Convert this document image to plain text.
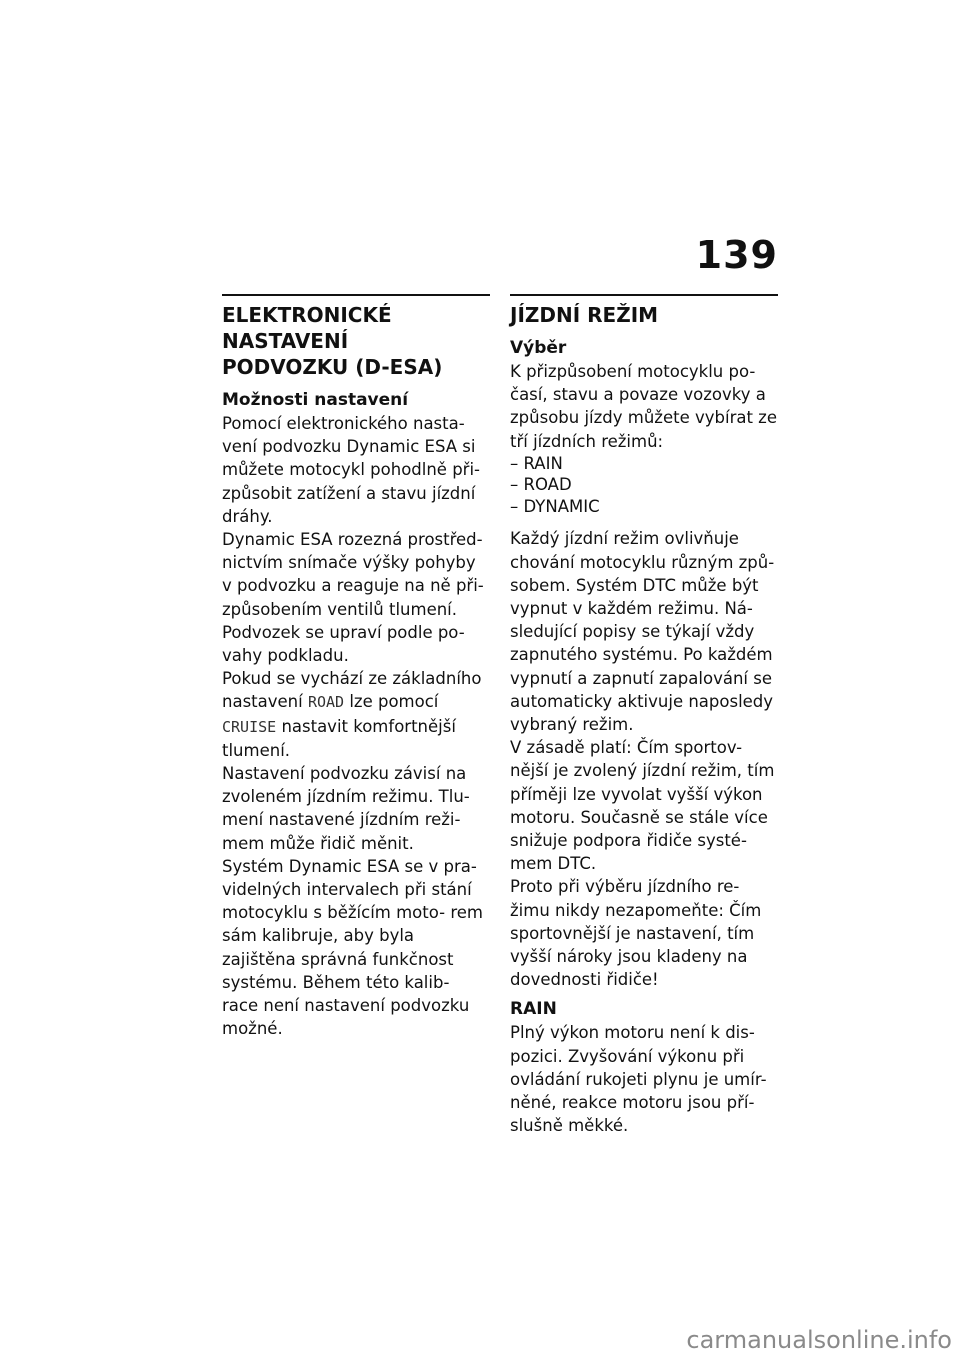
139
ELEKTRONICKÉ NASTAVENÍ
PODVOZKU (D-ESA)
Možnosti nastavení

Pomocí elektronického nasta- vení podvozku Dynamic ESA si můžete motocykl pohodlně při- způsobit zatížení a stavu jízdní dráhy.

Dynamic ESA rozezná prostřed- nictvím snímače výšky pohyby v podvozku a reaguje na ně při- způsobením ventilů tlumení. Podvozek se upraví podle po- vahy podkladu.

Pokud se vychází ze základního nastavení ROAD lze pomocí CRUISE nastavit komfortnější tlumení.

Nastavení podvozku závisí na zvoleném jízdním režimu. Tlu- mení nastavené jízdním reži- mem může řidič měnit.

Systém Dynamic ESA se v pra- videlných intervalech při stání motocyklu s běžícím moto- rem sám kalibruje, aby byla zajištěna správná funkčnost systému. Během této kalib- race není nastavení podvozku možné.

JÍZDNÍ REŽIM
Výběr

K přizpůsobení motocyklu po- časí, stavu a povaze vozovky a způsobu jízdy můžete vybírat ze tří jízdních režimů:

– RAIN
– ROAD
– DYNAMIC

Každý jízdní režim ovlivňuje chování motocyklu různým způ- sobem. Systém DTC může být vypnut v každém režimu. Ná- sledující popisy se týkají vždy zapnutého systému. Po každém vypnutí a zapnutí zapalování se automaticky aktivuje naposledy vybraný režim.

V zásadě platí: Čím sportov- nější je zvolený jízdní režim, tím příměji lze vyvolat vyšší výkon motoru. Současně se stále více snižuje podpora řidiče systé- mem DTC.

Proto při výběru jízdního re- žimu nikdy nezapomeňte: Čím sportovnější je nastavení, tím vyšší nároky jsou kladeny na dovednosti řidiče!

RAIN

Plný výkon motoru není k dis- pozici. Zvyšování výkonu při ovládání rukojeti plynu je umír- něné, reakce motoru jsou pří- slušně měkké.

carmanualsonline.info
